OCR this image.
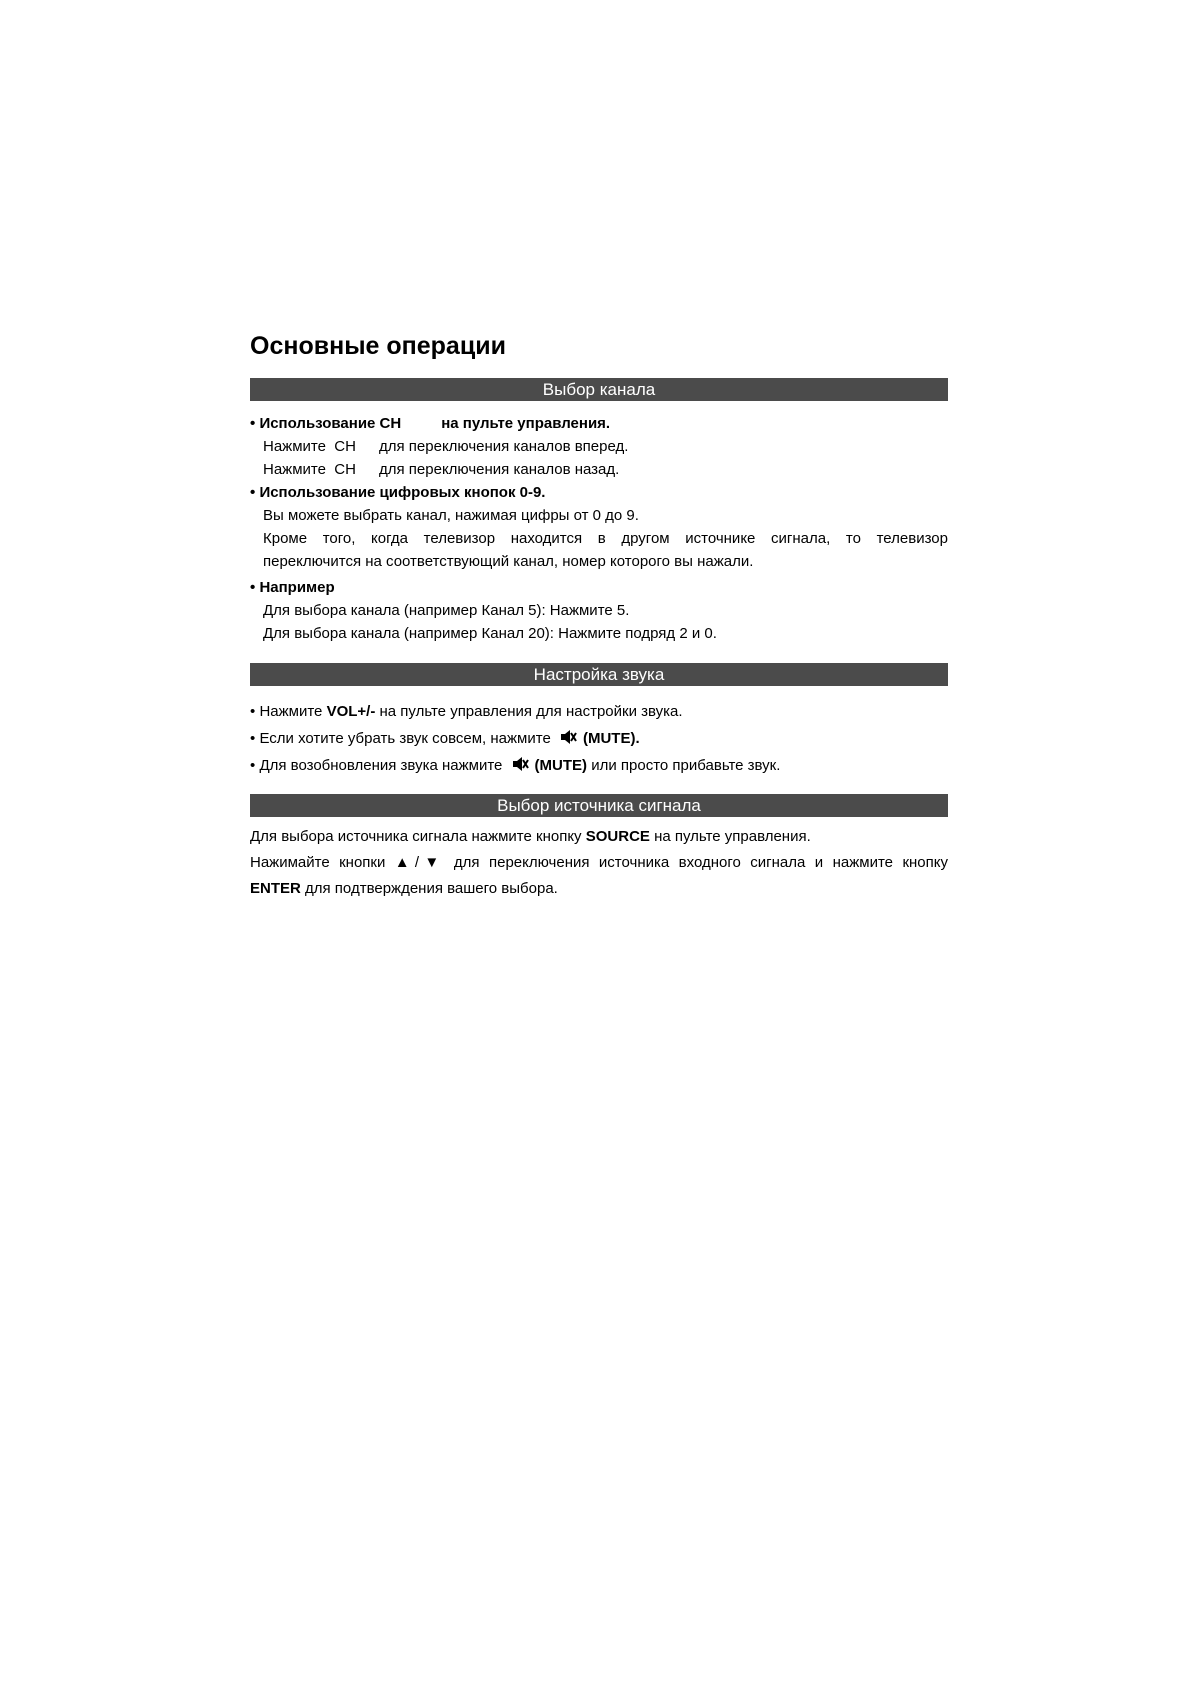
Основные операции
Выбор канала
• Использование CH	на пульте управления.
Нажмите  CH для переключения каналов вперед.
Нажмите  CH для переключения каналов назад.
• Использование цифровых кнопок 0-9.
Вы можете выбрать канал, нажимая цифры от 0 до 9.
Кроме того, когда телевизор находится в другом источнике сигнала, то телевизор
переключится на соответствующий канал, номер которого вы нажали.
• Например
Для выбора канала (например Канал 5): Нажмите 5.
Для выбора канала (например Канал 20): Нажмите подряд 2 и 0.
Настройка звука
• Нажмите VOL+/- на пульте управления для настройки звука.
• Если хотите убрать звук совсем, нажмите (MUTE).
• Для возобновления звука нажмите (MUTE) или просто прибавьте звук.
Выбор источника сигнала
Для выбора источника сигнала нажмите кнопку SOURCE на пульте управления.
Нажимайте кнопки ▲/▼ для переключения источника входного сигнала и нажмите кнопку
ENTER для подтверждения вашего выбора.
